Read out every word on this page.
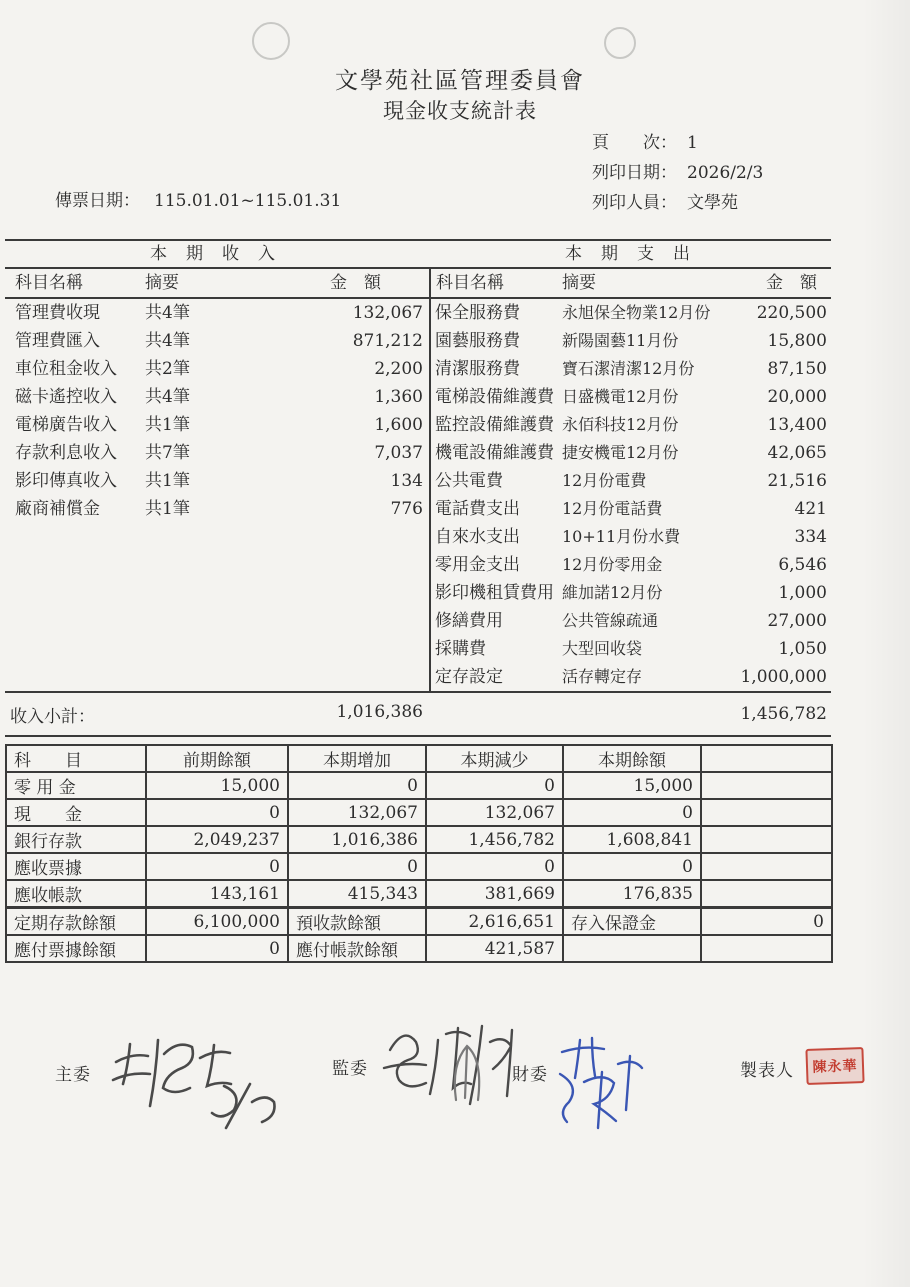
文學苑社區管理委員會
現金收支統計表
頁　　次： 1
列印日期： 2026/2/3
列印人員： 文學苑
傳票日期： 115.01.01~115.01.31
本　期　收　入	本　期　支　出
科目名稱	摘要	金　額	科目名稱	摘要	金　額
管理費收現	共4筆	132,067
管理費匯入	共4筆	871,212
車位租金收入	共2筆	2,200
磁卡遙控收入	共4筆	1,360
電梯廣告收入	共1筆	1,600
存款利息收入	共7筆	7,037
影印傳真收入	共1筆	134
廠商補償金	共1筆	776
保全服務費	永旭保全物業12月份	220,500
園藝服務費	新陽園藝11月份	15,800
清潔服務費	寶石潔清潔12月份	87,150
電梯設備維護費 日盛機電12月份	20,000
監控設備維護費 永佰科技12月份	13,400
機電設備維護費 捷安機電12月份	42,065
公共電費	12月份電費	21,516
電話費支出	12月份電話費	421
自來水支出	10+11月份水費	334
零用金支出	12月份零用金	6,546
影印機租賃費用 維加諾12月份	1,000
修繕費用	公共管線疏通	27,000
採購費	大型回收袋	1,050
定存設定	活存轉定存	1,000,000
收入小計：	1,016,386	1,456,782
科　　目	前期餘額	本期增加	本期減少	本期餘額	
零 用 金	15,000	0	0	15,000	
現　　金	0	132,067	132,067	0	
銀行存款	2,049,237	1,016,386	1,456,782	1,608,841	
應收票據	0	0	0	0	
應收帳款	143,161	415,343	381,669	176,835	
定期存款餘額	6,100,000	預收款餘額	2,616,651	存入保證金	0
應付票據餘額	0	應付帳款餘額	421,587		
主委	監委	財委	製表人	陳永華
